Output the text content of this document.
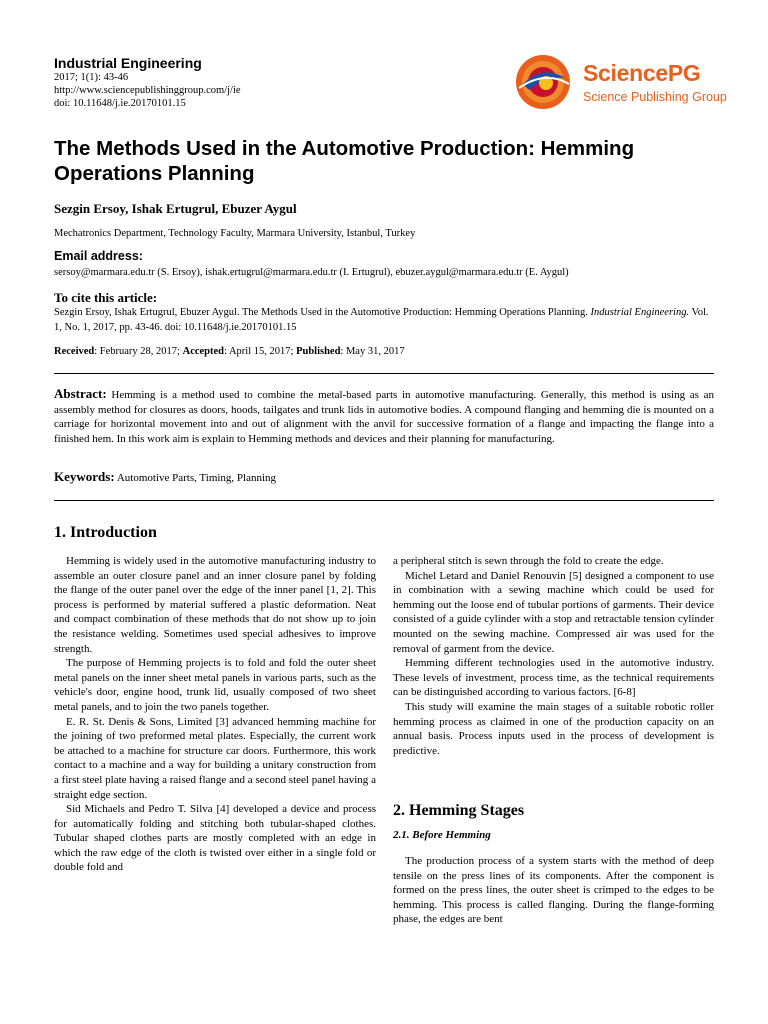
Industrial Engineering
2017; 1(1): 43-46
http://www.sciencepublishinggroup.com/j/ie
doi: 10.11648/j.ie.20170101.15
SciencePG
Science Publishing Group
The Methods Used in the Automotive Production: Hemming Operations Planning
Sezgin Ersoy, Ishak Ertugrul, Ebuzer Aygul
Mechatronics Department, Technology Faculty, Marmara University, Istanbul, Turkey
Email address:
sersoy@marmara.edu.tr (S. Ersoy), ishak.ertugrul@marmara.edu.tr (I. Ertugrul), ebuzer.aygul@marmara.edu.tr (E. Aygul)
To cite this article:
Sezgin Ersoy, Ishak Ertugrul, Ebuzer Aygul. The Methods Used in the Automotive Production: Hemming Operations Planning. Industrial Engineering. Vol. 1, No. 1, 2017, pp. 43-46. doi: 10.11648/j.ie.20170101.15
Received: February 28, 2017; Accepted: April 15, 2017; Published: May 31, 2017
Abstract: Hemming is a method used to combine the metal-based parts in automotive manufacturing. Generally, this method is using as an assembly method for closures as doors, hoods, tailgates and trunk lids in automotive bodies. A compound flanging and hemming die is mounted on a carriage for horizontal movement into and out of alignment with the anvil for successive formation of a flange and impacting the flange into a finished hem. In this work aim is explain to Hemming methods and devices and their planning for manufacturing.
Keywords: Automotive Parts, Timing, Planning
1. Introduction

Hemming is widely used in the automotive manufacturing industry to assemble an outer closure panel and an inner closure panel by folding the flange of the outer panel over the edge of the inner panel [1, 2]. This process is performed by material suffered a plastic deformation. Neat and compact combination of these methods that do not show up to join the resistance welding. Sometimes used special adhesives to improve strength.

The purpose of Hemming projects is to fold and fold the outer sheet metal panels on the inner sheet metal panels in various parts, such as the vehicle's door, engine hood, trunk lid, usually composed of two sheet metal panels, and to join the two panels together.

E. R. St. Denis & Sons, Limited [3] advanced hemming machine for the joining of two preformed metal plates. Especially, the current work be attached to a machine for structure car doors. Furthermore, this work contact to a machine and a way for building a unitary construction from a first steel plate having a raised flange and a second steel panel having a straight edge section.

Sid Michaels and Pedro T. Silva [4] developed a device and process for automatically folding and stitching both tubular-shaped clothes. Tubular shaped clothes parts are mostly completed with an edge in which the raw edge of the cloth is twisted over either in a single fold or double fold and

a peripheral stitch is sewn through the fold to create the edge.

Michel Letard and Daniel Renouvin [5] designed a component to use in combination with a sewing machine which could be used for hemming out the loose end of tubular portions of garments. Their device consisted of a guide cylinder with a stop and retractable tension cylinder mounted on the sewing machine. Compressed air was used for the removal of garment from the device.

Hemming different technologies used in the automotive industry. These levels of investment, process time, as the technical requirements can be distinguished according to various factors. [6-8]

This study will examine the main stages of a suitable robotic roller hemming process as claimed in one of the production capacity on an annual basis. Process inputs used in the process of development is predictive.

2. Hemming Stages
2.1. Before Hemming

The production process of a system starts with the method of deep tensile on the press lines of its components. After the component is formed on the press lines, the outer sheet is crimped to the edges to be hemming. This process is called flanging. During the flange-forming phase, the edges are bent
